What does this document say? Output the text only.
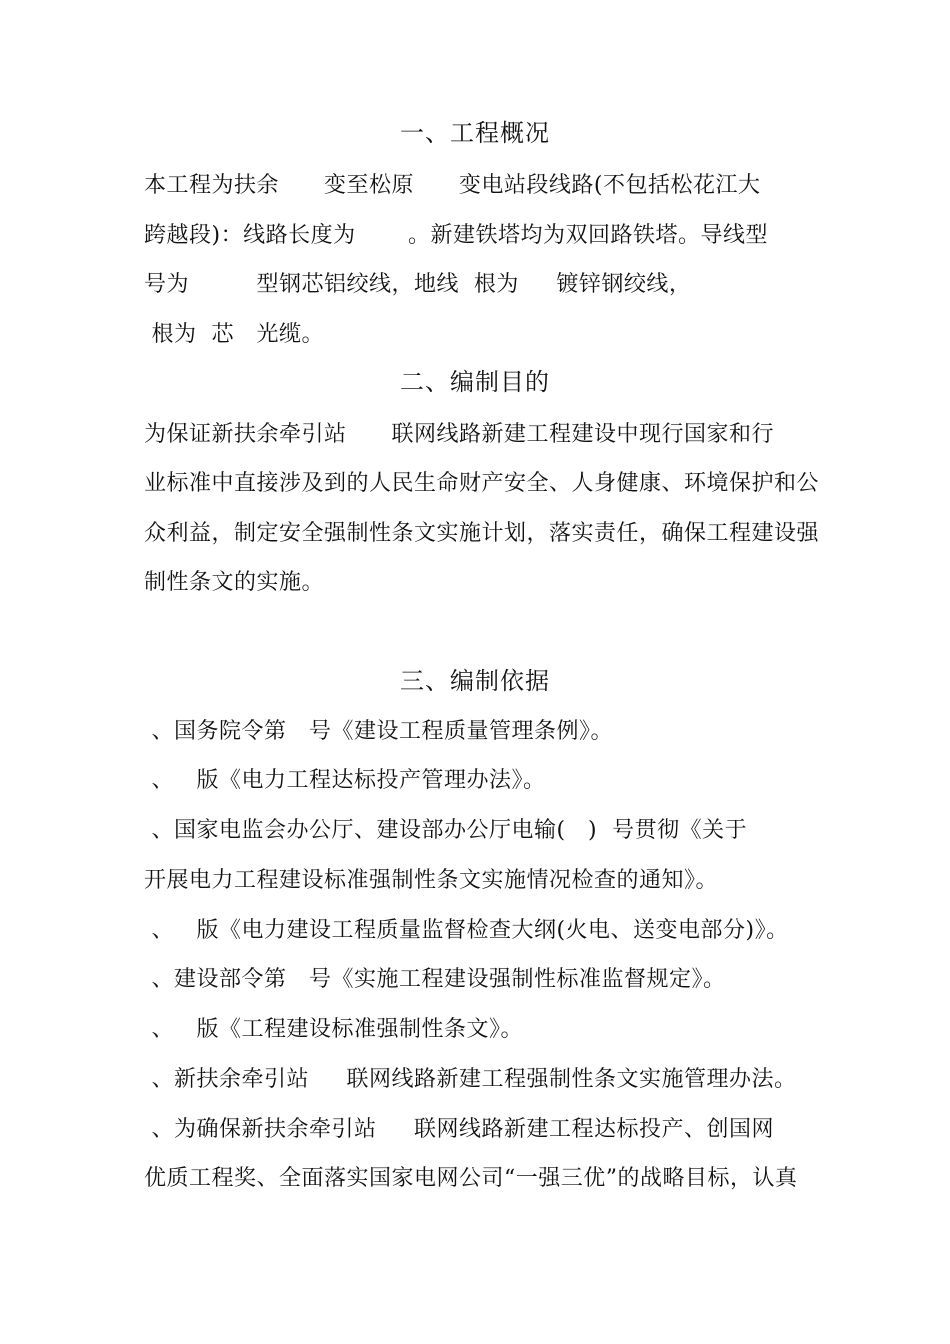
一、工程概况
本工程为扶余      变至松原      变电站段线路(不包括松花江大
跨越段)：线路长度为       。新建铁塔均为双回路铁塔。导线型
号为         型钢芯铝绞线，地线  根为     镀锌钢绞线，
根为  芯   光缆。
二、编制目的
为保证新扶余牵引站      联网线路新建工程建设中现行国家和行
业标准中直接涉及到的人民生命财产安全、人身健康、环境保护和公
众利益，制定安全强制性条文实施计划，落实责任，确保工程建设强
制性条文的实施。
三、编制依据
、国务院令第   号《建设工程质量管理条例》。
、   版《电力工程达标投产管理办法》。
、国家电监会办公厅、建设部办公厅电输(   )  号贯彻《关于
开展电力工程建设标准强制性条文实施情况检查的通知》。
、   版《电力建设工程质量监督检查大纲(火电、送变电部分)》。
、建设部令第   号《实施工程建设强制性标准监督规定》。
、   版《工程建设标准强制性条文》。
、新扶余牵引站     联网线路新建工程强制性条文实施管理办法。
、为确保新扶余牵引站     联网线路新建工程达标投产、创国网
优质工程奖、全面落实国家电网公司“一强三优”的战略目标，认真
